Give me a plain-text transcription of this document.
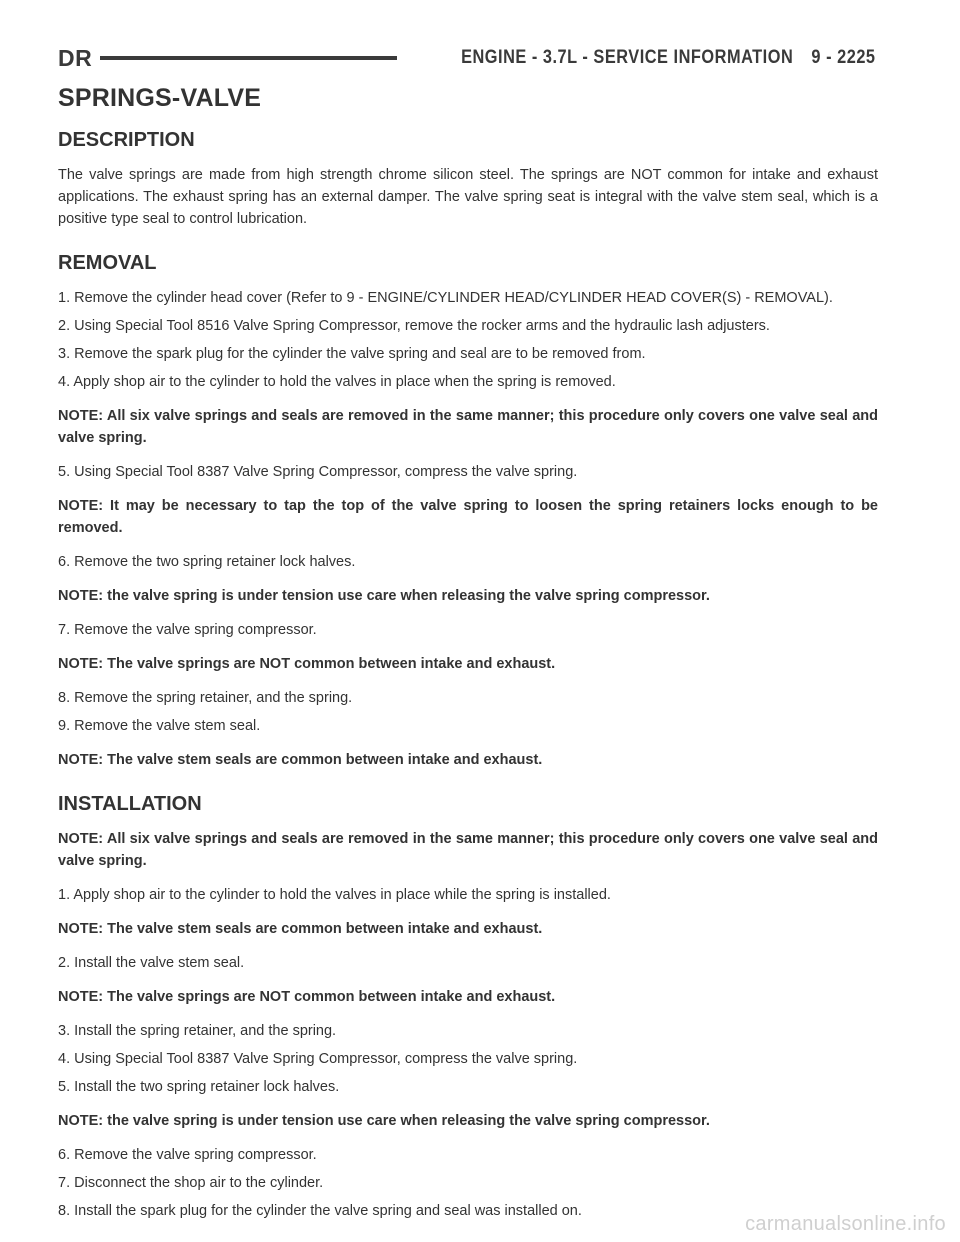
DR	ENGINE - 3.7L - SERVICE INFORMATION 9 - 2225
SPRINGS-VALVE
DESCRIPTION

The valve springs are made from high strength chrome silicon steel. The springs are NOT common for intake and exhaust applications. The exhaust spring has an external damper. The valve spring seat is integral with the valve stem seal, which is a positive type seal to control lubrication.

REMOVAL

1. Remove the cylinder head cover (Refer to 9 - ENGINE/CYLINDER HEAD/CYLINDER HEAD COVER(S) - REMOVAL).

2. Using Special Tool 8516 Valve Spring Compressor, remove the rocker arms and the hydraulic lash adjusters.

3. Remove the spark plug for the cylinder the valve spring and seal are to be removed from.

4. Apply shop air to the cylinder to hold the valves in place when the spring is removed.

NOTE: All six valve springs and seals are removed in the same manner; this procedure only covers one valve seal and valve spring.

5. Using Special Tool 8387 Valve Spring Compressor, compress the valve spring.

NOTE: It may be necessary to tap the top of the valve spring to loosen the spring retainers locks enough to be removed.

6. Remove the two spring retainer lock halves.

NOTE: the valve spring is under tension use care when releasing the valve spring compressor.

7. Remove the valve spring compressor.

NOTE: The valve springs are NOT common between intake and exhaust.

8. Remove the spring retainer, and the spring.

9. Remove the valve stem seal.

NOTE: The valve stem seals are common between intake and exhaust.

INSTALLATION

NOTE: All six valve springs and seals are removed in the same manner; this procedure only covers one valve seal and valve spring.

1. Apply shop air to the cylinder to hold the valves in place while the spring is installed.

NOTE: The valve stem seals are common between intake and exhaust.

2. Install the valve stem seal.

NOTE: The valve springs are NOT common between intake and exhaust.

3. Install the spring retainer, and the spring.

4. Using Special Tool 8387 Valve Spring Compressor, compress the valve spring.

5. Install the two spring retainer lock halves.

NOTE: the valve spring is under tension use care when releasing the valve spring compressor.

6. Remove the valve spring compressor.

7. Disconnect the shop air to the cylinder.

8. Install the spark plug for the cylinder the valve spring and seal was installed on.

carmanualsonline.info
